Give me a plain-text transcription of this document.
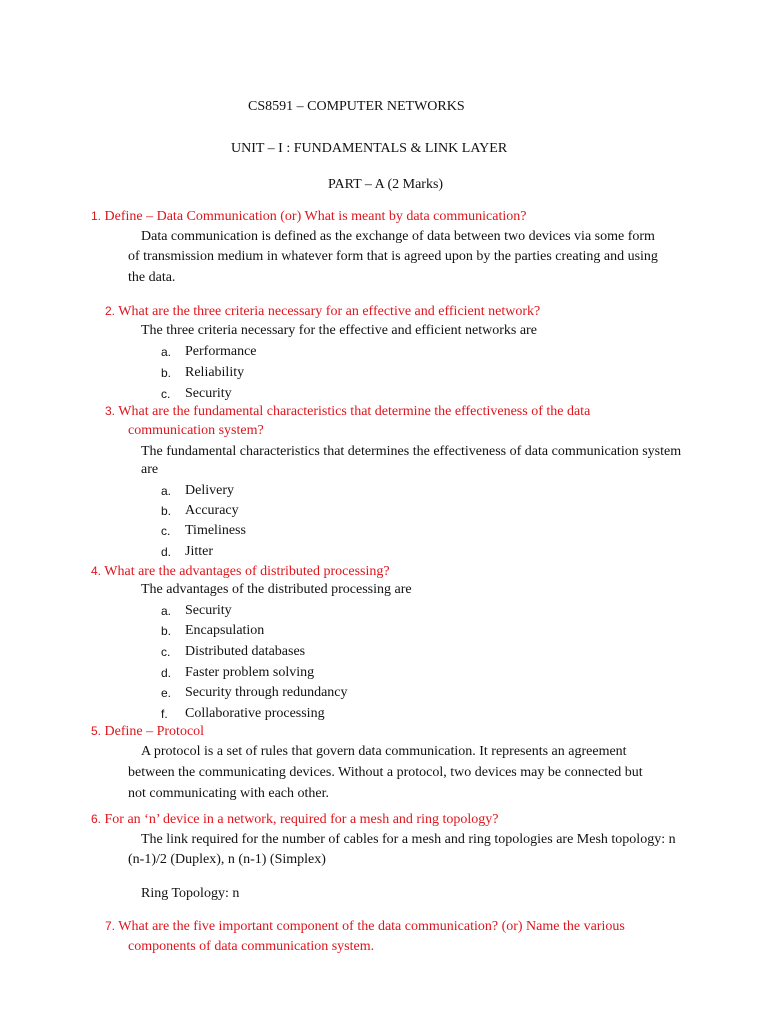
CS8591 – COMPUTER NETWORKS
UNIT – I : FUNDAMENTALS & LINK LAYER
PART – A (2 Marks)
1. Define – Data Communication (or) What is meant by data communication?
Data communication is defined as the exchange of data between two devices via some form
of transmission medium in whatever form that is agreed upon by the parties creating and using
the data.
2. What are the three criteria necessary for an effective and efficient network?
The three criteria necessary for the effective and efficient networks are
a. Performance
b. Reliability
c. Security
3. What are the fundamental characteristics that determine the effectiveness of the data
communication system?
The fundamental characteristics that determines the effectiveness of data communication system
are
a. Delivery
b. Accuracy
c. Timeliness
d. Jitter
4. What are the advantages of distributed processing?
The advantages of the distributed processing are
a. Security
b. Encapsulation
c. Distributed databases
d. Faster problem solving
e. Security through redundancy
f. Collaborative processing
5. Define – Protocol
A protocol is a set of rules that govern data communication. It represents an agreement
between the communicating devices. Without a protocol, two devices may be connected but
not communicating with each other.
6. For an ‘n’ device in a network, required for a mesh and ring topology?
The link required for the number of cables for a mesh and ring topologies are Mesh topology: n
(n-1)/2 (Duplex), n (n-1) (Simplex)
Ring Topology: n
7. What are the five important component of the data communication? (or) Name the various
components of data communication system.
